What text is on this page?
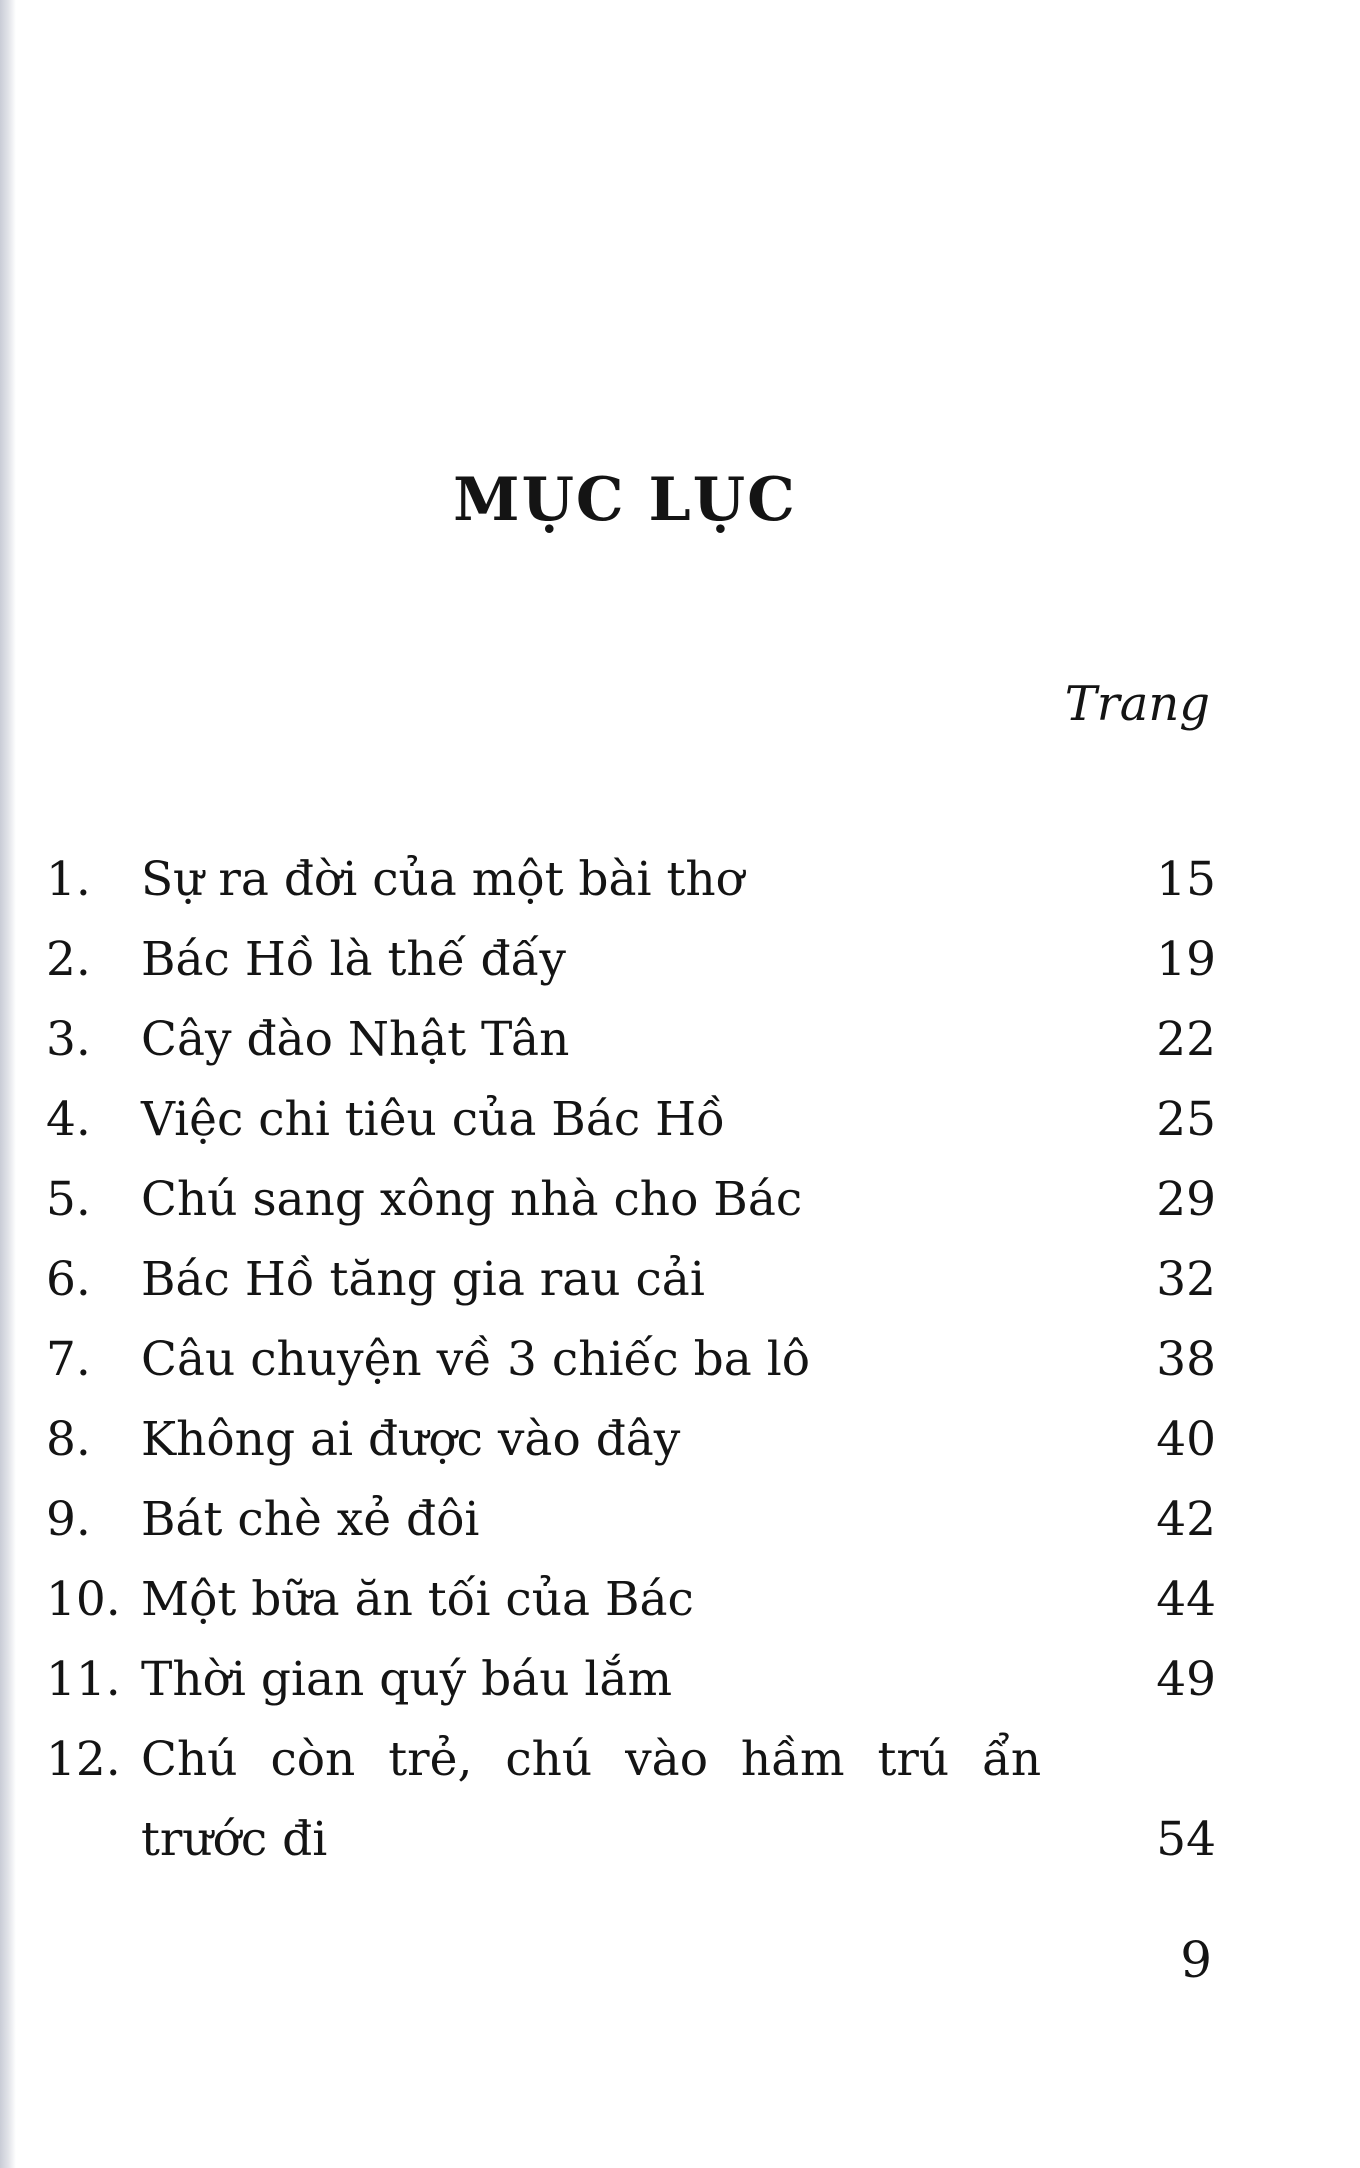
MỤC LỤC
Trang
1.	Sự ra đời của một bài thơ	15
2.	Bác Hồ là thế đấy	19
3.	Cây đào Nhật Tân	22
4.	Việc chi tiêu của Bác Hồ	25
5.	Chú sang xông nhà cho Bác	29
6.	Bác Hồ tăng gia rau cải	32
7.	Câu chuyện về 3 chiếc ba lô	38
8.	Không ai được vào đây	40
9.	Bát chè xẻ đôi	42
10. Một bữa ăn tối của Bác	44
11. Thời gian quý báu lắm	49
12. Chú còn trẻ, chú vào hầm trú ẩn
trước đi	54
9
